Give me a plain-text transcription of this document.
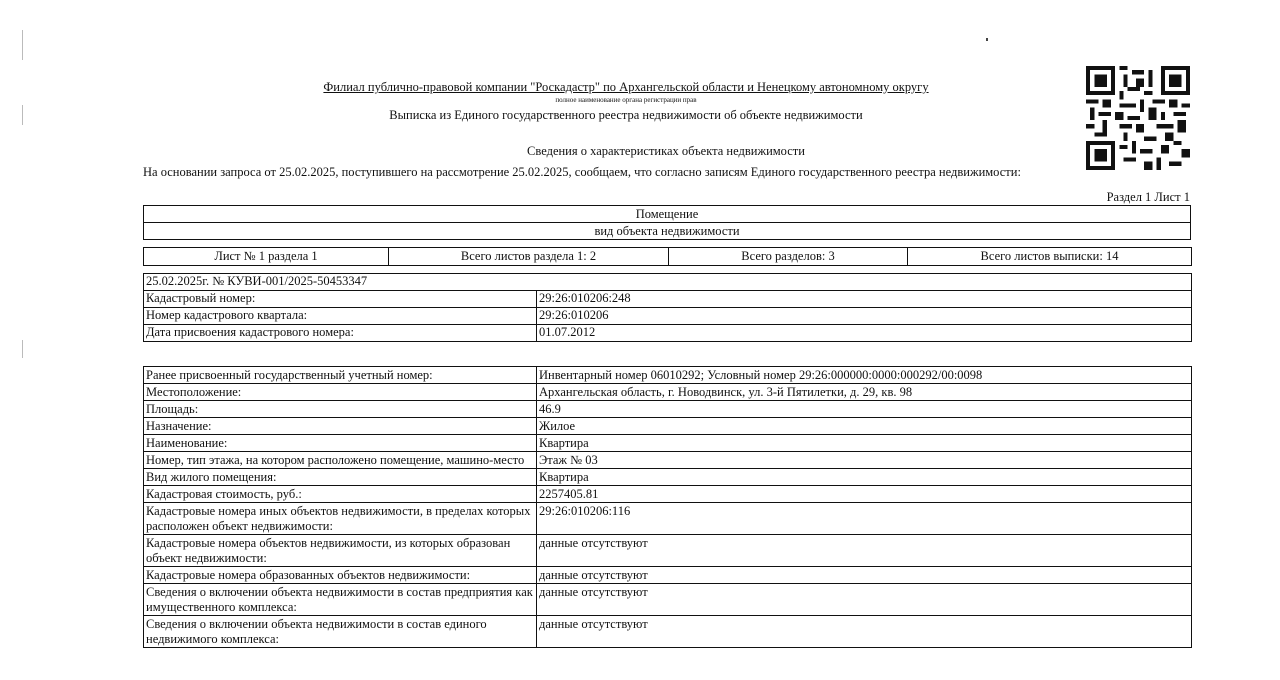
Филиал публично-правовой компании "Роскадастр" по Архангельской области и Ненецкому автономному округу
полное наименование органа регистрации прав
Выписка из Единого государственного реестра недвижимости об объекте недвижимости
Сведения о характеристиках объекта недвижимости
На основании запроса от 25.02.2025, поступившего на рассмотрение 25.02.2025, сообщаем, что согласно записям Единого государственного реестра недвижимости:
Раздел 1 Лист 1
Помещение
вид объекта недвижимости
Лист № 1 раздела 1	Всего листов раздела 1: 2	Всего разделов: 3	Всего листов выписки: 14
25.02.2025г. № КУВИ-001/2025-50453347	
Кадастровый номер:	29:26:010206:248
Номер кадастрового квартала:	29:26:010206
Дата присвоения кадастрового номера:	01.07.2012
Ранее присвоенный государственный учетный номер:	Инвентарный номер 06010292; Условный номер 29:26:000000:0000:000292/00:0098
Местоположение:	Архангельская область, г. Новодвинск, ул. 3-й Пятилетки, д. 29, кв. 98
Площадь:	46.9
Назначение:	Жилое
Наименование:	Квартира
Номер, тип этажа, на котором расположено помещение, машино-место	Этаж № 03
Вид жилого помещения:	Квартира
Кадастровая стоимость, руб.:	2257405.81
Кадастровые номера иных объектов недвижимости, в пределах которых расположен объект недвижимости:	29:26:010206:116
Кадастровые номера объектов недвижимости, из которых образован объект недвижимости:	данные отсутствуют
Кадастровые номера образованных объектов недвижимости:	данные отсутствуют
Сведения о включении объекта недвижимости в состав предприятия как имущественного комплекса:	данные отсутствуют
Сведения о включении объекта недвижимости в состав единого недвижимого комплекса:	данные отсутствуют
